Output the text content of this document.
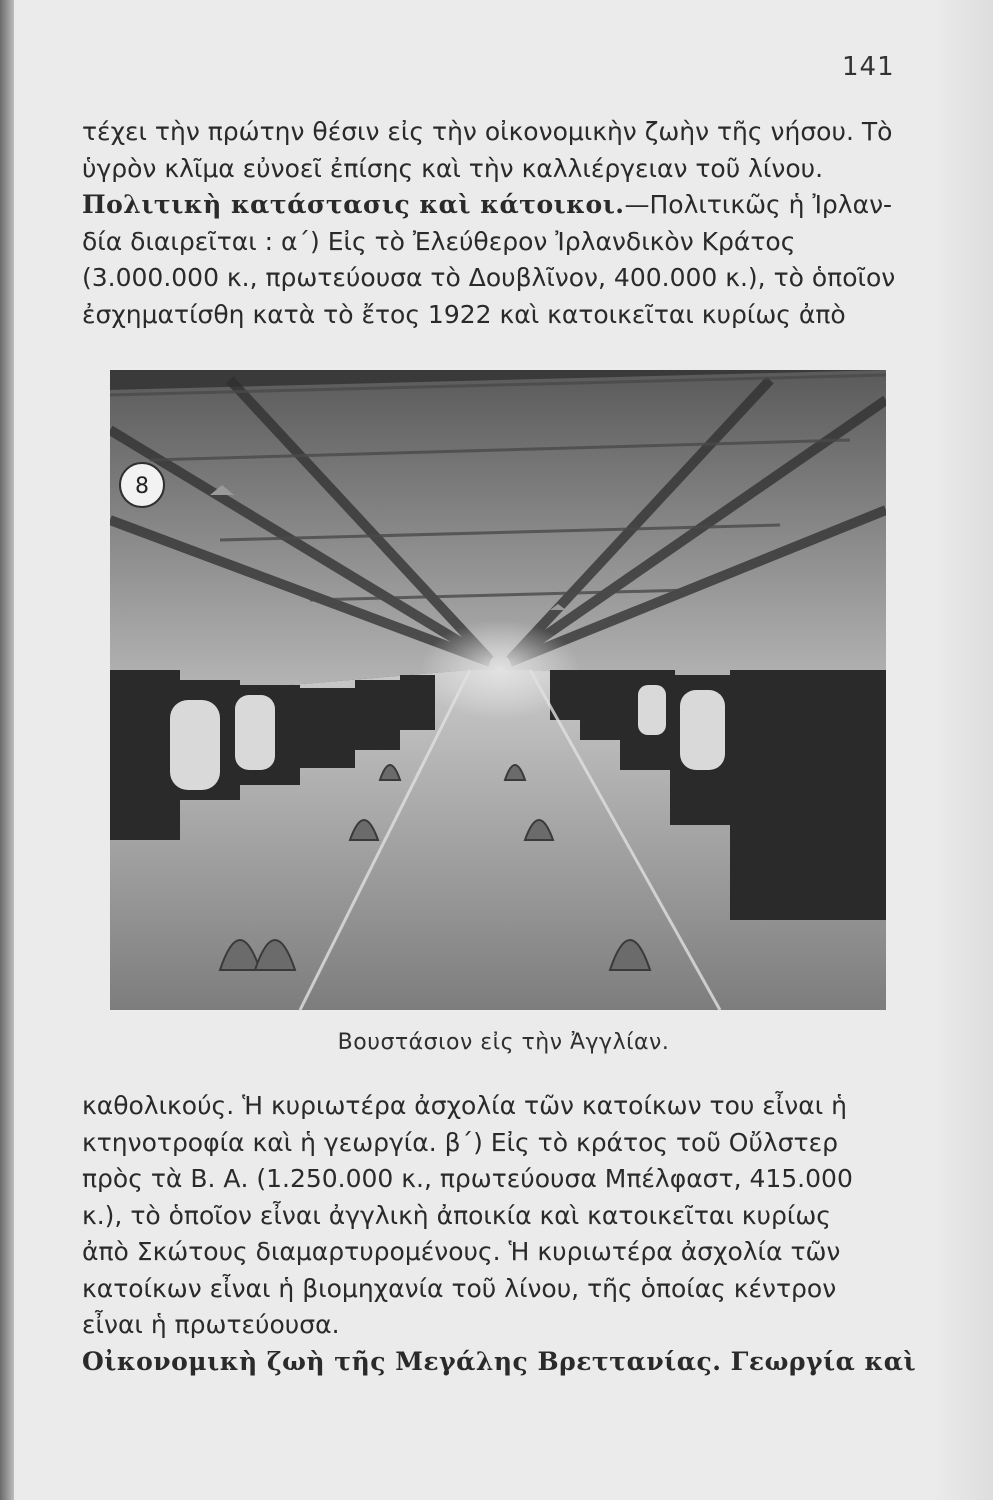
141
τέχει τὴν πρώτην θέσιν εἰς τὴν οἰκονομικὴν ζωὴν τῆς νήσου. Τὸ
ὑγρὸν κλῖμα εὐνοεῖ ἐπίσης καὶ τὴν καλλιέργειαν τοῦ λίνου.
Πολιτικὴ κατάστασις καὶ κάτοικοι.—Πολιτικῶς ἡ Ἰρλαν-
δία διαιρεῖται : α´) Εἰς τὸ Ἐλεύθερον Ἰρλανδικὸν Κράτος
(3.000.000 κ., πρωτεύουσα τὸ Δουβλῖνον, 400.000 κ.), τὸ ὁποῖον
ἐσχηματίσθη κατὰ τὸ ἔτος 1922 καὶ κατοικεῖται κυρίως ἀπὸ
8
Βουστάσιον εἰς τὴν Ἀγγλίαν.
καθολικούς. Ἡ κυριωτέρα ἀσχολία τῶν κατοίκων του εἶναι ἡ
κτηνοτροφία καὶ ἡ γεωργία. β´) Εἰς τὸ κράτος τοῦ Οὔλστερ
πρὸς τὰ Β. Α. (1.250.000 κ., πρωτεύουσα Μπέλφαστ, 415.000
κ.), τὸ ὁποῖον εἶναι ἀγγλικὴ ἀποικία καὶ κατοικεῖται κυρίως
ἀπὸ Σκώτους διαμαρτυρομένους. Ἡ κυριωτέρα ἀσχολία τῶν
κατοίκων εἶναι ἡ βιομηχανία τοῦ λίνου, τῆς ὁποίας κέντρον
εἶναι ἡ πρωτεύουσα.
Οἰκονομικὴ ζωὴ τῆς Μεγάλης Βρεττανίας. Γεωργία καὶ
